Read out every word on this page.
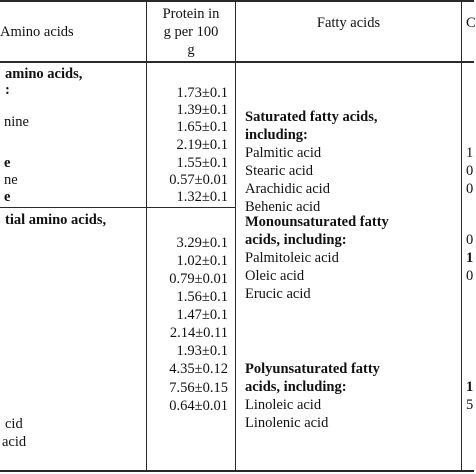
Amino acids
Protein in
g per 100
g
Fatty acids	C
amino acids,
:
nine
e
ne
e
1.73±0.1
1.39±0.1
1.65±0.1
2.19±0.1
1.55±0.1
0.57±0.01
1.32±0.1
tial amino acids,
cid
acid
3.29±0.1
1.02±0.1
0.79±0.01
1.56±0.1
1.47±0.1
2.14±0.11
1.93±0.1
4.35±0.12
7.56±0.15
0.64±0.01
Saturated fatty acids,
including:
Palmitic acid
Stearic acid
Arachidic acid
Behenic acid
Monounsaturated fatty
acids, including:
Palmitoleic acid
Oleic acid
Erucic acid
Polyunsaturated fatty
acids, including:
Linoleic acid
Linolenic acid
1
0
0
0
1
0
1
5
